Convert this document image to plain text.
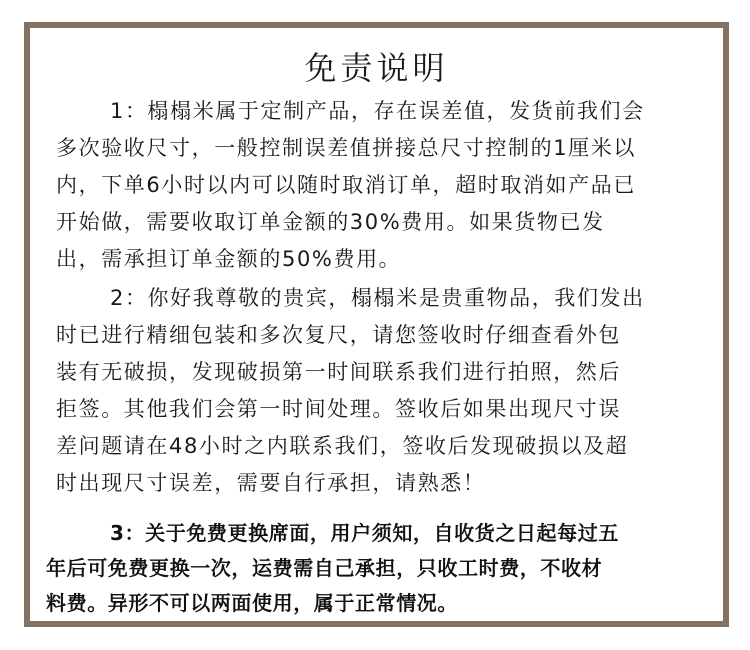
免责说明
1：榻榻米属于定制产品，存在误差值，发货前我们会
多次验收尺寸，一般控制误差值拼接总尺寸控制的1厘米以
内，下单6小时以内可以随时取消订单，超时取消如产品已
开始做，需要收取订单金额的30%费用。如果货物已发
出，需承担订单金额的50%费用。
2：你好我尊敬的贵宾，榻榻米是贵重物品，我们发出
时已进行精细包装和多次复尺，请您签收时仔细查看外包
装有无破损，发现破损第一时间联系我们进行拍照，然后
拒签。其他我们会第一时间处理。签收后如果出现尺寸误
差问题请在48小时之内联系我们，签收后发现破损以及超
时出现尺寸误差，需要自行承担，请熟悉！
3：关于免费更换席面，用户须知，自收货之日起每过五
年后可免费更换一次，运费需自己承担，只收工时费，不收材
料费。异形不可以两面使用，属于正常情况。
